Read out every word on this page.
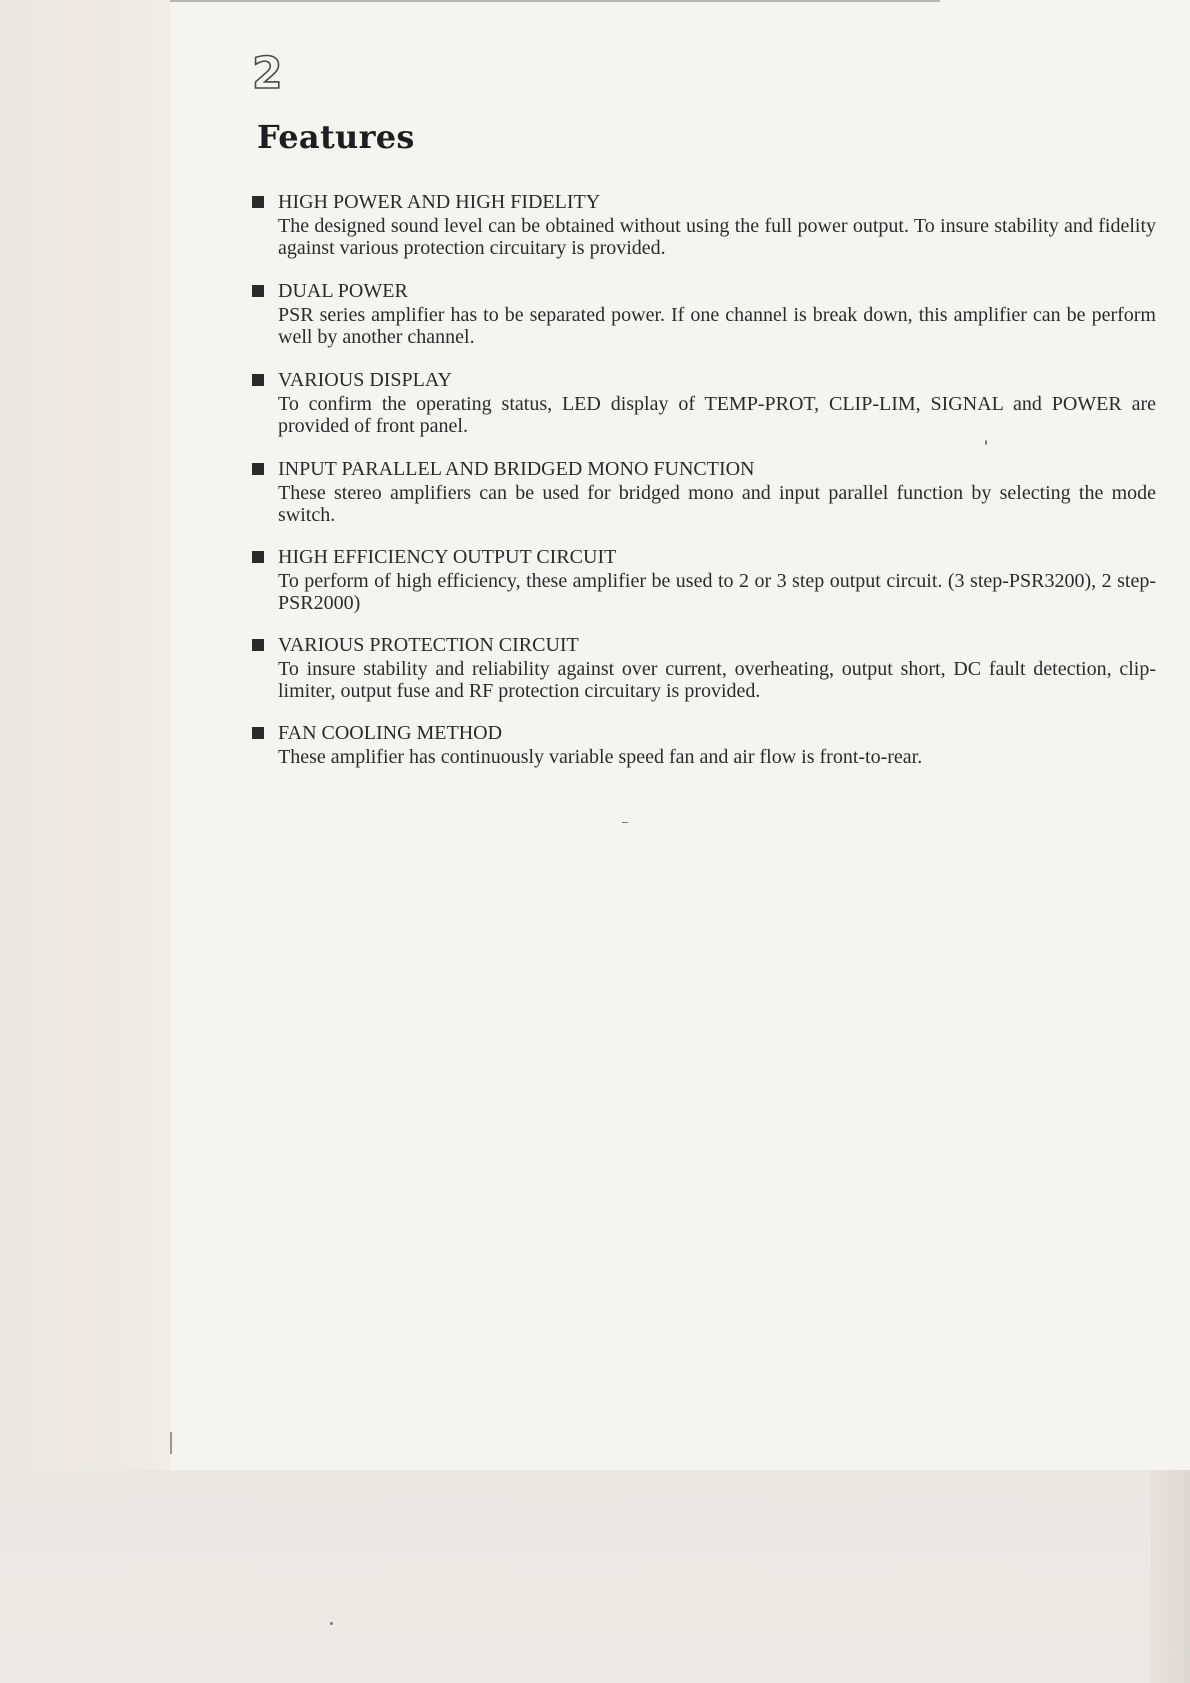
2
Features
HIGH POWER AND HIGH FIDELITY

The designed sound level can be obtained without using the full power output. To insure stability and fidelity against various protection circuitary is provided.

DUAL POWER

PSR series amplifier has to be separated power. If one channel is break down, this amplifier can be perform well by another channel.

VARIOUS DISPLAY

To confirm the operating status, LED display of TEMP-PROT, CLIP-LIM, SIGNAL and POWER are provided of front panel.

INPUT PARALLEL AND BRIDGED MONO FUNCTION

These stereo amplifiers can be used for bridged mono and input parallel function by selecting the mode switch.

HIGH EFFICIENCY OUTPUT CIRCUIT

To perform of high efficiency, these amplifier be used to 2 or 3 step output circuit. (3 step-PSR3200), 2 step-PSR2000)

VARIOUS PROTECTION CIRCUIT

To insure stability and reliability against over current, overheating, output short, DC fault detection, clip-limiter, output fuse and RF protection circuitary is provided.

FAN COOLING METHOD

These amplifier has continuously variable speed fan and air flow is front-to-rear.
